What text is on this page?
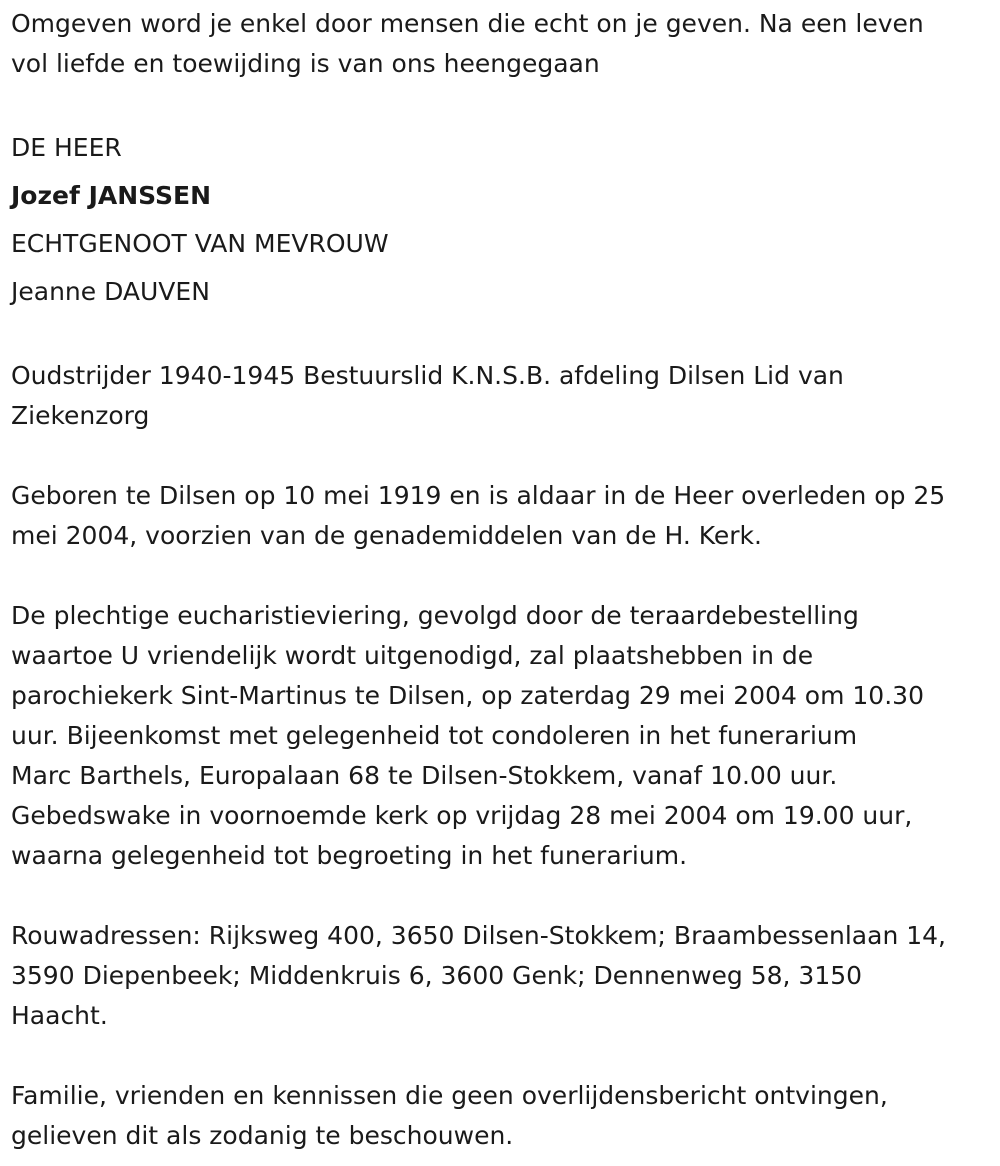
Omgeven word je enkel door mensen die echt on je geven. Na een leven
vol liefde en toewijding is van ons heengegaan
DE HEER
Jozef JANSSEN
ECHTGENOOT VAN MEVROUW
Jeanne DAUVEN
Oudstrijder 1940-1945 Bestuurslid K.N.S.B. afdeling Dilsen Lid van
Ziekenzorg
Geboren te Dilsen op 10 mei 1919 en is aldaar in de Heer overleden op 25
mei 2004, voorzien van de genademiddelen van de H. Kerk.
De plechtige eucharistieviering, gevolgd door de teraardebestelling
waartoe U vriendelijk wordt uitgenodigd, zal plaatshebben in de
parochiekerk Sint-Martinus te Dilsen, op zaterdag 29 mei 2004 om 10.30
uur. Bijeenkomst met gelegenheid tot condoleren in het funerarium
Marc Barthels, Europalaan 68 te Dilsen-Stokkem, vanaf 10.00 uur.
Gebedswake in voornoemde kerk op vrijdag 28 mei 2004 om 19.00 uur,
waarna gelegenheid tot begroeting in het funerarium.
Rouwadressen: Rijksweg 400, 3650 Dilsen-Stokkem; Braambessenlaan 14,
3590 Diepenbeek; Middenkruis 6, 3600 Genk; Dennenweg 58, 3150
Haacht.
Familie, vrienden en kennissen die geen overlijdensbericht ontvingen,
gelieven dit als zodanig te beschouwen.
